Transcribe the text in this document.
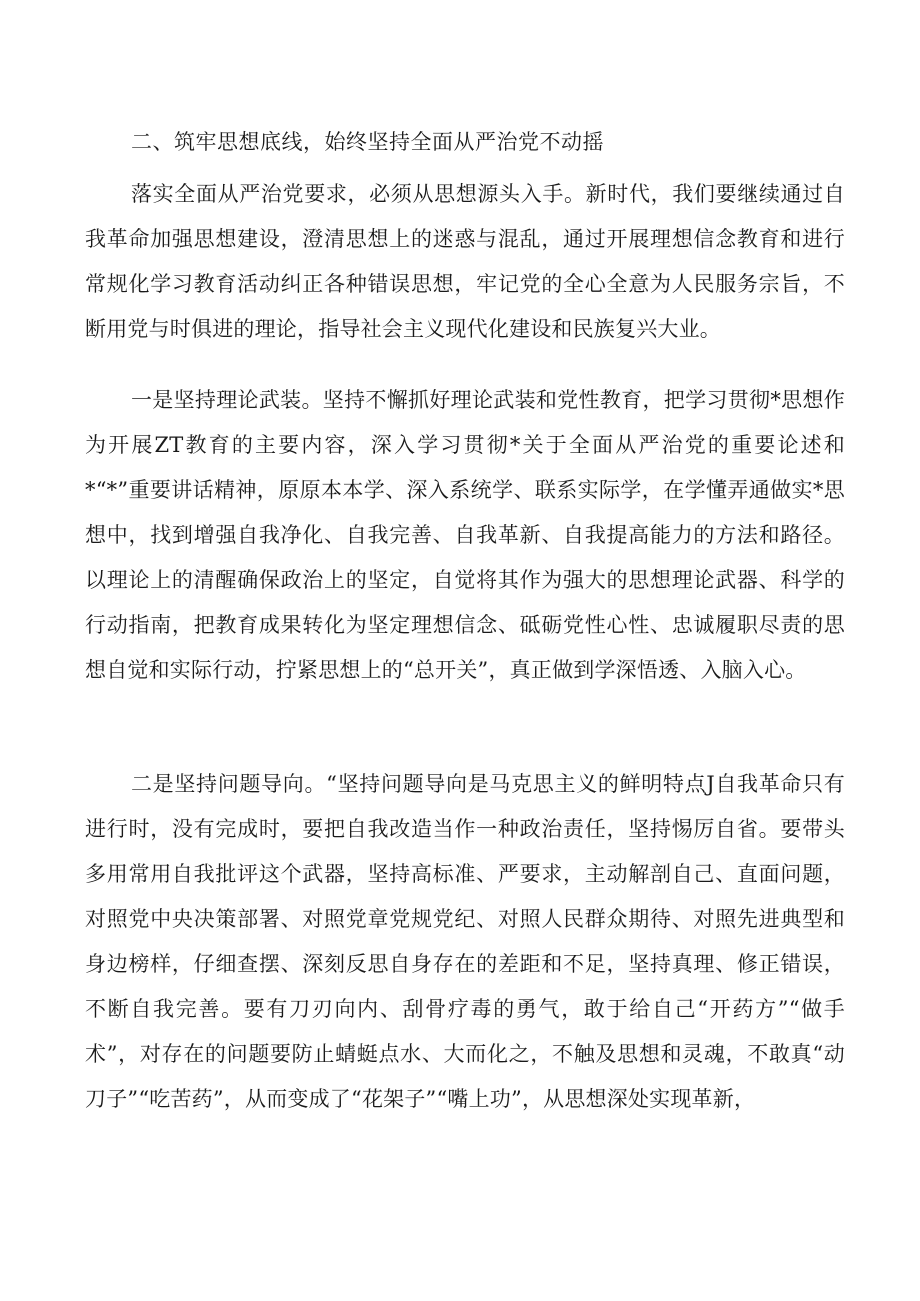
二、筑牢思想底线，始终坚持全面从严治党不动摇

落实全面从严治党要求，必须从思想源头入手。新时代，我们要继续通过自我革命加强思想建设，澄清思想上的迷惑与混乱，通过开展理想信念教育和进行常规化学习教育活动纠正各种错误思想，牢记党的全心全意为人民服务宗旨，不断用党与时俱进的理论，指导社会主义现代化建设和民族复兴大业。

一是坚持理论武装。坚持不懈抓好理论武装和党性教育，把学习贯彻*思想作为开展ZT教育的主要内容，深入学习贯彻*关于全面从严治党的重要论述和*“*”重要讲话精神，原原本本学、深入系统学、联系实际学，在学懂弄通做实*思想中，找到增强自我净化、自我完善、自我革新、自我提高能力的方法和路径。以理论上的清醒确保政治上的坚定，自觉将其作为强大的思想理论武器、科学的行动指南，把教育成果转化为坚定理想信念、砥砺党性心性、忠诚履职尽责的思想自觉和实际行动，拧紧思想上的“总开关”，真正做到学深悟透、入脑入心。

二是坚持问题导向。“坚持问题导向是马克思主义的鲜明特点J自我革命只有进行时，没有完成时，要把自我改造当作一种政治责任，坚持惕厉自省。要带头多用常用自我批评这个武器，坚持高标准、严要求，主动解剖自己、直面问题，对照党中央决策部署、对照党章党规党纪、对照人民群众期待、对照先进典型和身边榜样，仔细查摆、深刻反思自身存在的差距和不足，坚持真理、修正错误，不断自我完善。要有刀刃向内、刮骨疗毒的勇气，敢于给自己“开药方”“做手术”，对存在的问题要防止蜻蜓点水、大而化之，不触及思想和灵魂，不敢真“动刀子”“吃苦药”，从而变成了“花架子”“嘴上功”，从思想深处实现革新，
